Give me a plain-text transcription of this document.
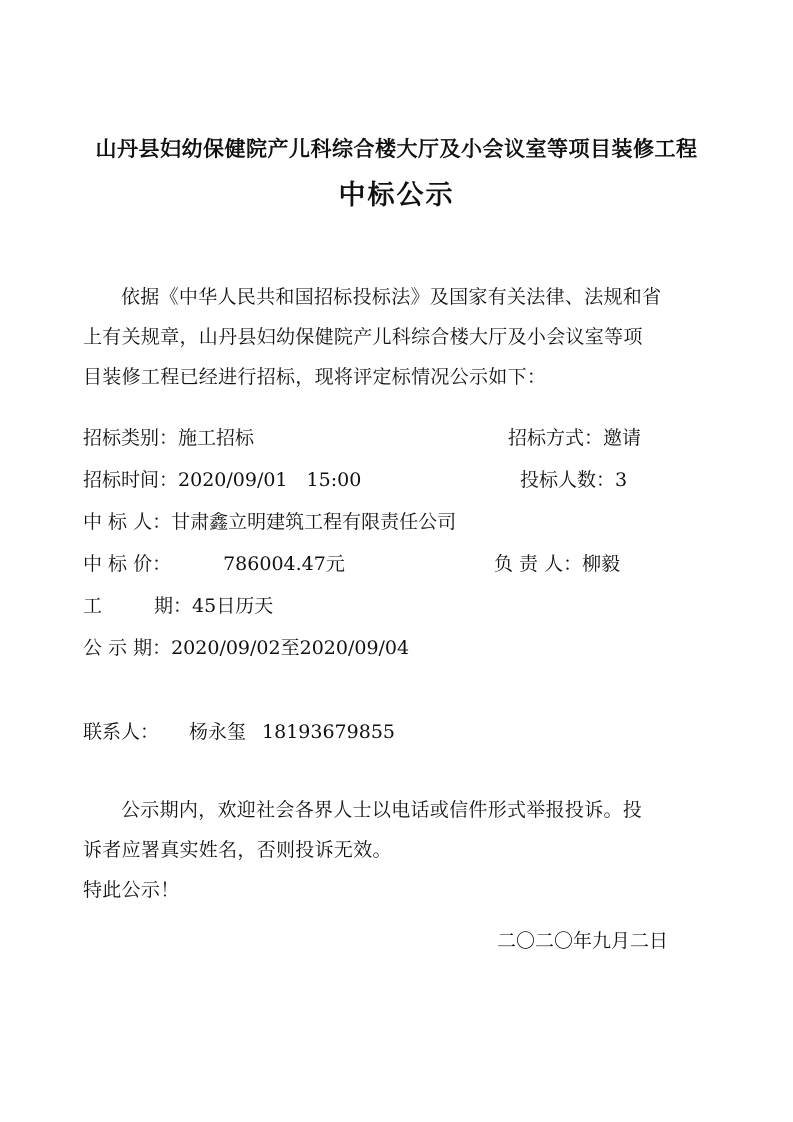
山丹县妇幼保健院产儿科综合楼大厅及小会议室等项目装修工程
中标公示
依据《中华人民共和国招标投标法》及国家有关法律、法规和省
上有关规章，山丹县妇幼保健院产儿科综合楼大厅及小会议室等项
目装修工程已经进行招标，现将评定标情况公示如下：
招标类别：施工招标	招标方式：邀请
招标时间：2020/09/01　15:00	投标人数：3
中 标 人：甘肃鑫立明建筑工程有限责任公司
中 标 价：	786004.47元	负 责 人：柳毅
工	期：45日历天
公 示 期：2020/09/02至2020/09/04
联系人： 杨永玺 18193679855
公示期内，欢迎社会各界人士以电话或信件形式举报投诉。投
诉者应署真实姓名，否则投诉无效。
特此公示！
二〇二〇年九月二日
